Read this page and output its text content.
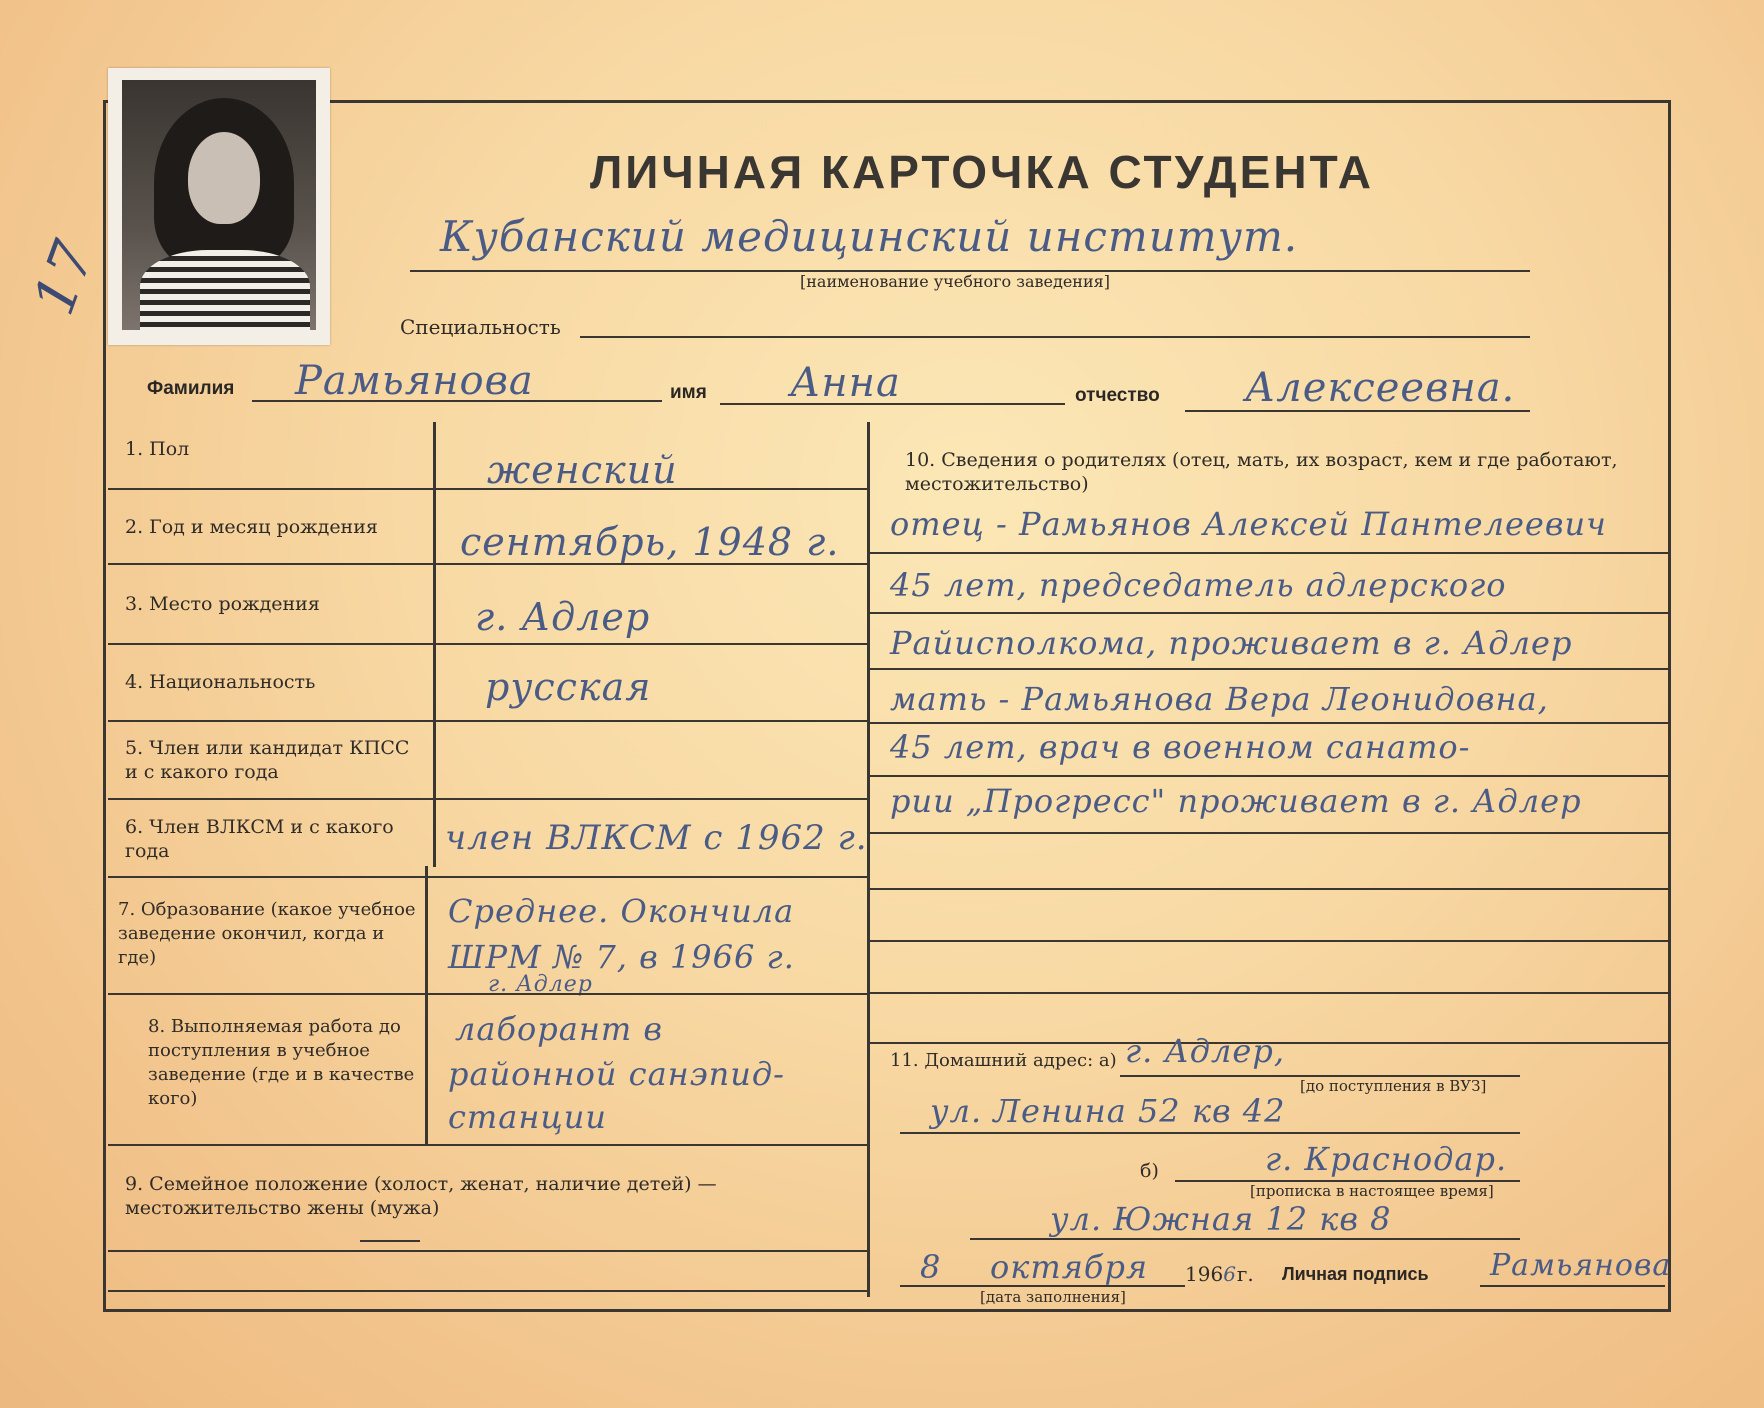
17
ЛИЧНАЯ КАРТОЧКА СТУДЕНТА
Кубанский медицинский институт.
[наименование учебного заведения]
Специальность
Фамилия Рамьянова	имя Анна	отчество Алексеевна.
1. Пол	женский
2. Год и месяц рождения сентябрь, 1948 г.
3. Место рождения	г. Адлер
4. Национальность	русская
5. Член или кандидат КПСС и с какого года
6. Член ВЛКСМ и с какого года	член ВЛКСМ с 1962 г.
7. Образование (какое учебное заведение окончил, когда и где)
Среднее. Окончила
ШРМ № 7, в 1966 г.
г. Адлер
8. Выполняемая работа до поступления в учебное заведение (где и в качестве кого)
лаборант в
районной санэпид-
станции
9. Семейное положение (холост, женат, наличие детей) — местожительство жены (мужа)
10. Сведения о родителях (отец, мать, их возраст, кем и где работают, местожительство)
отец - Рамьянов Алексей Пантелеевич
45 лет, председатель адлерского
Райисполкома, проживает в г. Адлер
мать - Рамьянова Вера Леонидовна,
45 лет, врач в военном санато-
рии „Прогресс" проживает в г. Адлер
11. Домашний адрес: а) г. Адлер,
[до поступления в ВУЗ]
ул. Ленина 52 кв 42
б)	г. Краснодар.
[прописка в настоящее время]
ул. Южная 12 кв 8
8 октября 1966г.
[дата заполнения]
Личная подпись Рамьянова
